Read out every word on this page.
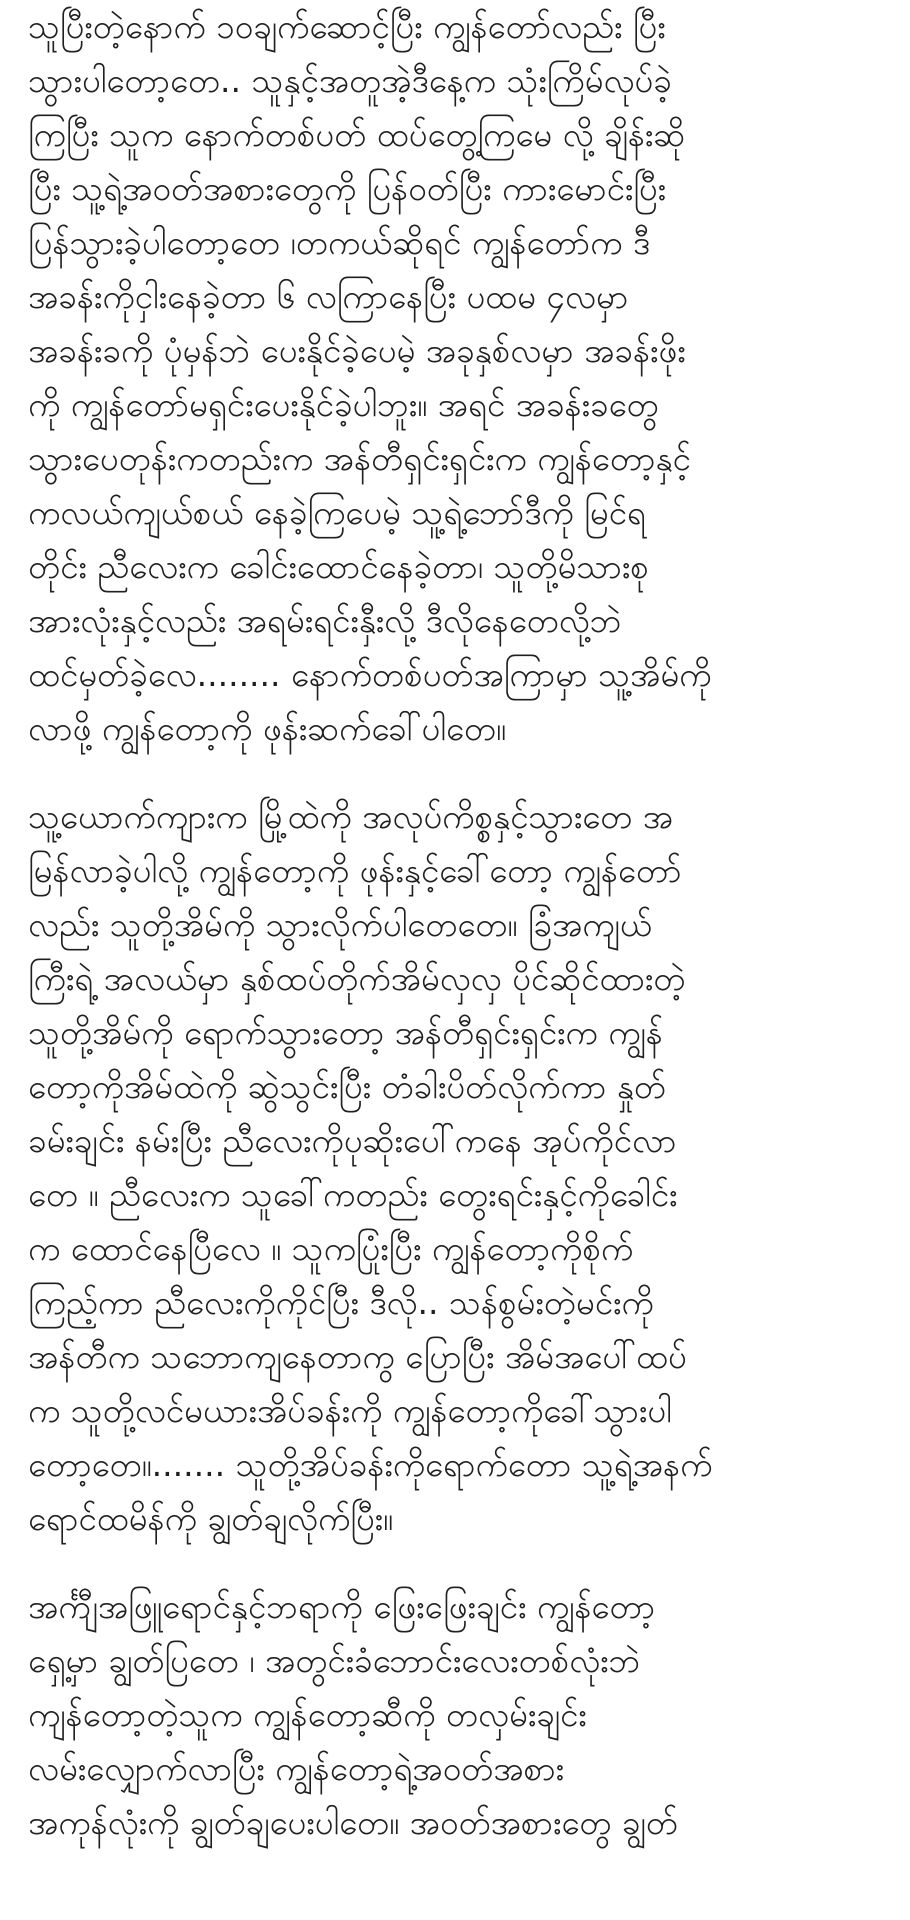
သူပြီးတဲ့နောက် ၁၀ချက်ဆောင့်ပြီး ကျွန်တော်လည်း ပြီး
သွားပါတော့တေ.. သူနှင့်အတူအဲ့ဒီနေ့က သုံးကြိမ်လုပ်ခဲ့
ကြပြီး သူက နောက်တစ်ပတ် ထပ်တွေ့ကြမေ လို့ ချိန်းဆို
ပြီး သူ့ရဲ့အဝတ်အစားတွေကို ပြန်ဝတ်ပြီး ကားမောင်းပြီး
ပြန်သွားခဲ့ပါတော့တေ ၊တကယ်ဆိုရင် ကျွန်တော်က ဒီ
အခန်းကိုငှါးနေခဲ့တာ ၆ လကြာနေပြီး ပထမ ၄လမှာ
အခန်းခကို ပုံမှန်ဘဲ ပေးနိုင်ခဲ့ပေမဲ့ အခုနှစ်လမှာ အခန်းဖိုး
ကို ကျွန်တော်မရှင်းပေးနိုင်ခဲ့ပါဘူး။ အရင် အခန်းခတွေ
သွားပေတုန်းကတည်းက အန်တီရှင်းရှင်းက ကျွန်တော့နှင့်
ကလယ်ကျယ်စယ် နေခဲ့ကြပေမဲ့ သူ့ရဲ့ဘော်ဒီကို မြင်ရ
တိုင်း ညီလေးက ခေါင်းထောင်နေခဲ့တာ၊ သူတို့မိသားစု
အားလုံးနှင့်လည်း အရမ်းရင်းနှီးလို့ ဒီလိုနေတေလို့ဘဲ
ထင်မှတ်ခဲ့လေ........ နောက်တစ်ပတ်အကြာမှာ သူ့အိမ်ကို
လာဖို့ ကျွန်တော့ကို ဖုန်းဆက်ခေါ်ပါတေ။
သူ့ယောက်ကျားက မြို့ထဲကို အလုပ်ကိစ္စနှင့်သွားတေ အ
မြန်လာခဲ့ပါလို့ ကျွန်တော့ကို ဖုန်းနှင့်ခေါ်တော့ ကျွန်တော်
လည်း သူတို့အိမ်ကို သွားလိုက်ပါတေတေ။ ခြံအကျယ်
ကြီးရဲ့ အလယ်မှာ နှစ်ထပ်တိုက်အိမ်လှလှ ပိုင်ဆိုင်ထားတဲ့
သူတို့အိမ်ကို ရောက်သွားတော့ အန်တီရှင်းရှင်းက ကျွန်
တော့ကိုအိမ်ထဲကို ဆွဲသွင်းပြီး တံခါးပိတ်လိုက်ကာ နှုတ်
ခမ်းချင်း နမ်းပြီး ညီလေးကိုပုဆိုးပေါ်ကနေ အုပ်ကိုင်လာ
တေ ။ ညီလေးက သူခေါ်ကတည်း တွေးရင်းနှင့်ကိုခေါင်း
က ထောင်နေပြီလေ ။ သူကပြုံးပြီး ကျွန်တော့ကိုစိုက်
ကြည့်ကာ ညီလေးကိုကိုင်ပြီး ဒီလို.. သန်စွမ်းတဲ့မင်းကို
အန်တီက သဘောကျနေတာကွ ပြောပြီး အိမ်အပေါ်ထပ်
က သူတို့လင်မယားအိပ်ခန်းကို ကျွန်တော့ကိုခေါ်သွားပါ
တော့တေ။....... သူတို့အိပ်ခန်းကိုရောက်တော သူ့ရဲ့အနက်
ရောင်ထမိန်ကို ချွတ်ချလိုက်ပြီး။
အင်္ကျီအဖြူရောင်နှင့်ဘရာကို ဖြေးဖြေးချင်း ကျွန်တော့
ရှေ့မှာ ချွတ်ပြတေ ၊ အတွင်းခံဘောင်းလေးတစ်လုံးဘဲ
ကျန်တော့တဲ့သူက ကျွန်တော့ဆီကို တလှမ်းချင်း
လမ်းလျှောက်လာပြီး ကျွန်တော့ရဲ့အဝတ်အစား
အကုန်လုံးကို ချွတ်ချပေးပါတေ။ အဝတ်အစားတွေ ချွတ်
